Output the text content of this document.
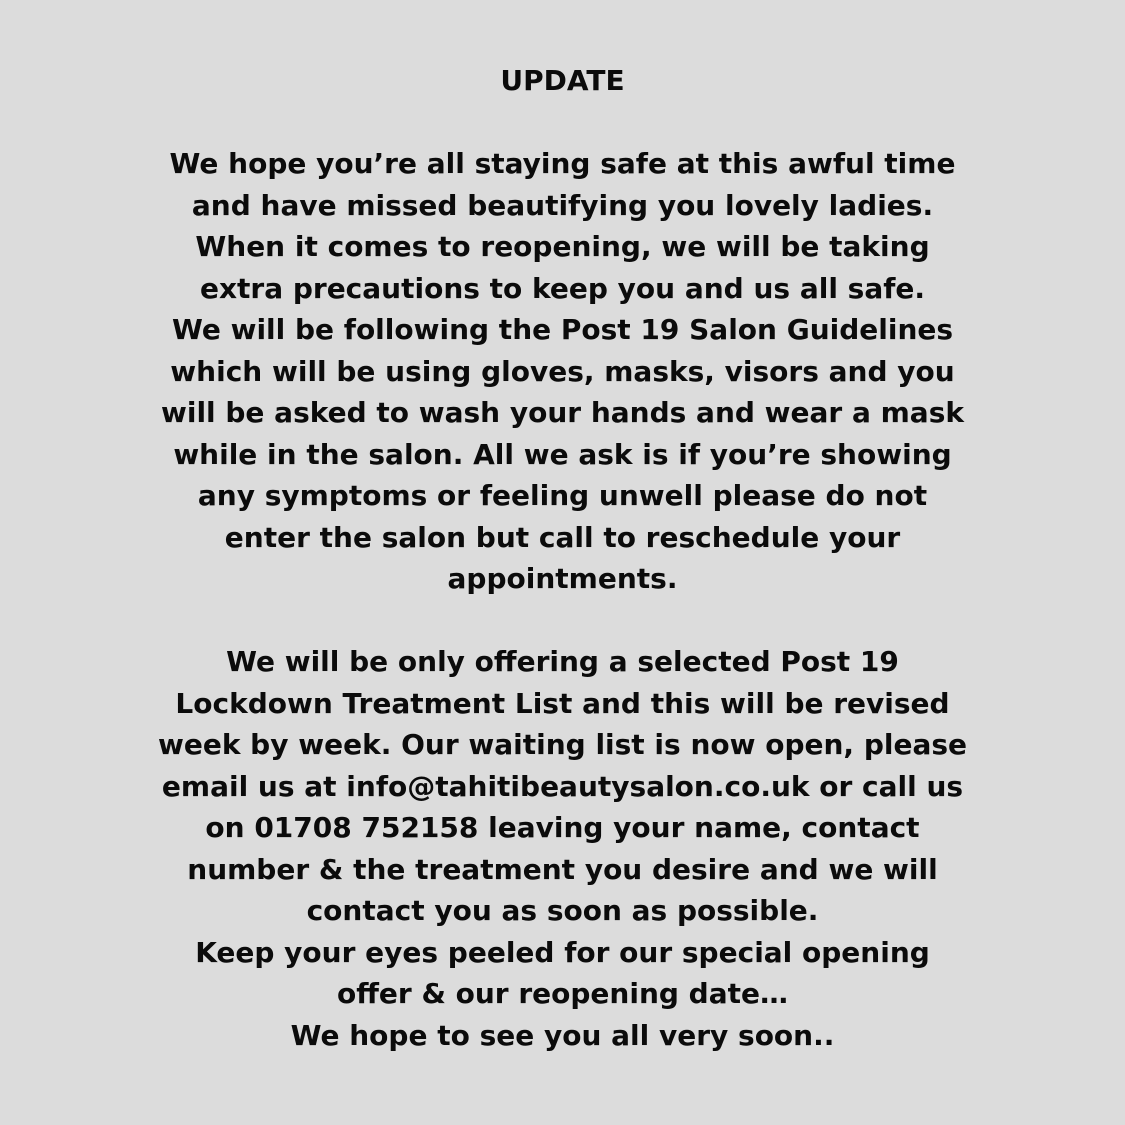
UPDATE
We hope you’re all staying safe at this awful time
and have missed beautifying you lovely ladies.
When it comes to reopening, we will be taking
extra precautions to keep you and us all safe.
We will be following the Post 19 Salon Guidelines
which will be using gloves, masks, visors and you
will be asked to wash your hands and wear a mask
while in the salon. All we ask is if you’re showing
any symptoms or feeling unwell please do not
enter the salon but call to reschedule your
appointments.
We will be only offering a selected Post 19
Lockdown Treatment List and this will be revised
week by week. Our waiting list is now open, please
email us at info@tahitibeautysalon.co.uk or call us
on 01708 752158 leaving your name, contact
number & the treatment you desire and we will
contact you as soon as possible.
Keep your eyes peeled for our special opening
offer & our reopening date…
We hope to see you all very soon..
